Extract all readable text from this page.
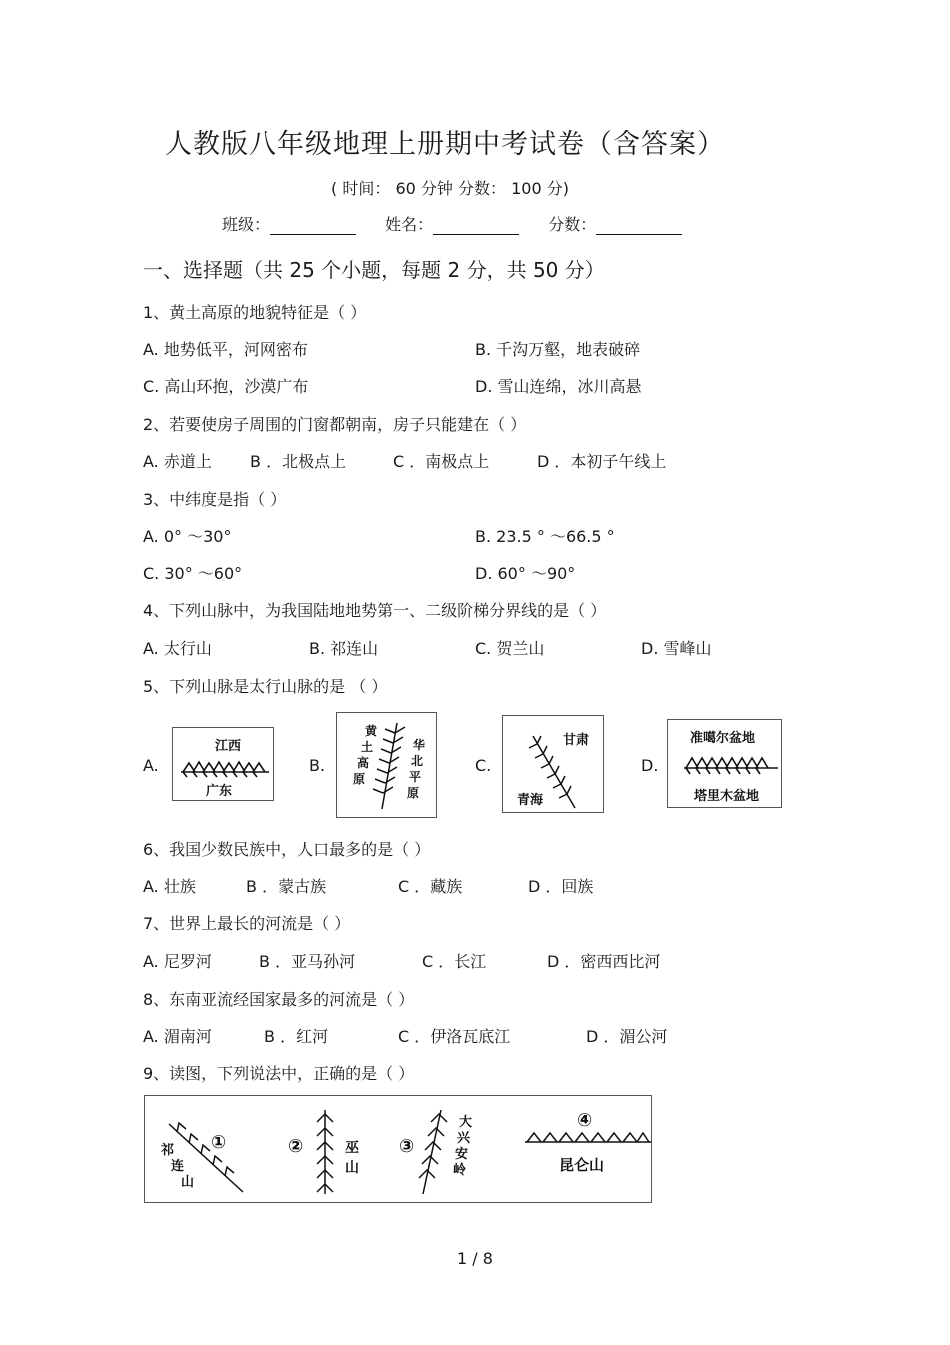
人教版八年级地理上册期中考试卷（含答案）
( 时间： 60 分钟 分数： 100 分)
班级：	姓名：	分数：
一、选择题（共 25 个小题，每题 2 分，共 50 分）
1、黄土高原的地貌特征是（ ）
A. 地势低平，河网密布	B. 千沟万壑，地表破碎
C. 高山环抱，沙漠广布	D. 雪山连绵，冰川高悬
2、若要使房子周围的门窗都朝南，房子只能建在（ ）
A. 赤道上 B ．北极点上	C ．南极点上	D ．本初子午线上
3、中纬度是指（ ）
A. 0° ～30°	B. 23.5 ° ～66.5 °
C. 30° ～60°	D. 60° ～90°
4、下列山脉中，为我国陆地地势第一、二级阶梯分界线的是（ ）
A. 太行山	B. 祁连山	C. 贺兰山	D. 雪峰山
5、下列山脉是太行山脉的是 （ ）
A.	B.	C.	D.
江西
广东
黄土高原
华北平原
甘肃
青海
准噶尔盆地
塔里木盆地
6、我国少数民族中，人口最多的是（ ）
A. 壮族	B ．蒙古族	C ．藏族	D ．回族
7、世界上最长的河流是（ ）
A. 尼罗河	B ．亚马孙河	C ．长江	D ．密西西比河
8、东南亚流经国家最多的河流是（ ）
A. 湄南河	B ．红河	C ．伊洛瓦底江	D ．湄公河
9、读图，下列说法中，正确的是（ ）
祁连山
①	②	巫山
③
大兴安岭
④
昆仑山
1 / 8
